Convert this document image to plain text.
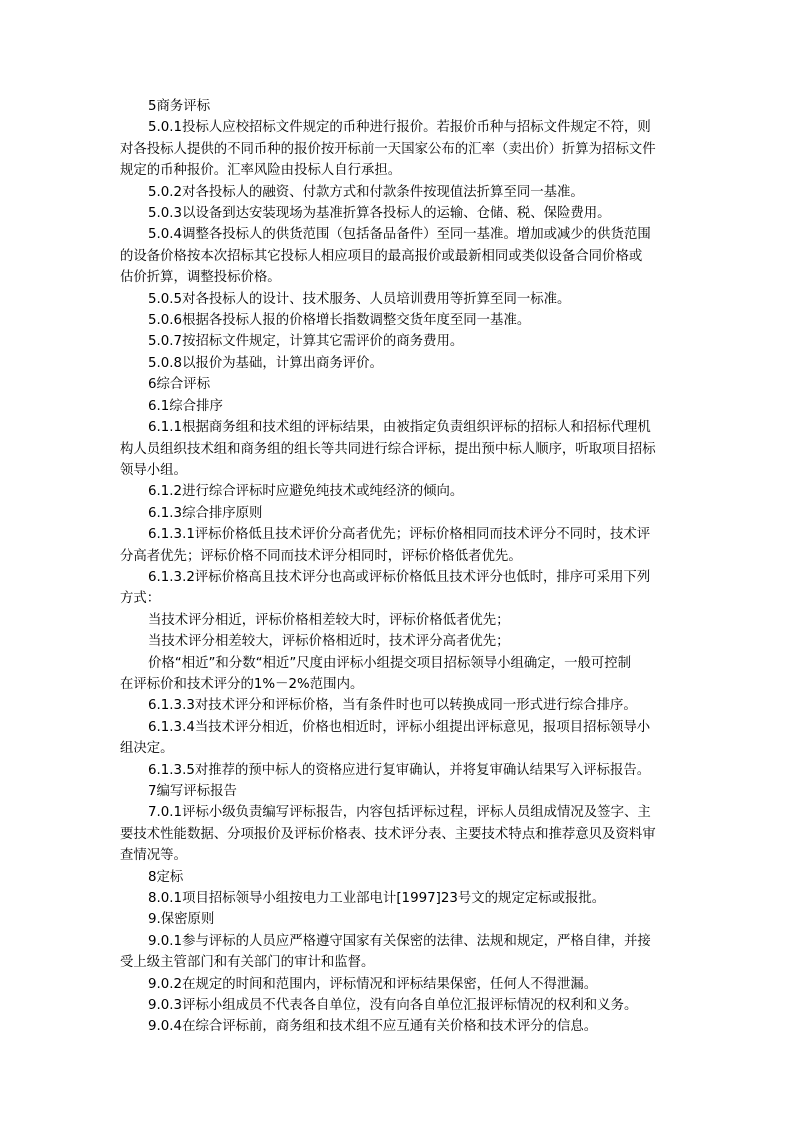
5商务评标

5.0.1投标人应校招标文件规定的币种进行报价。若报价币种与招标文件规定不符，则

对各投标人提供的不同币种的报价按开标前一天国家公布的汇率（卖出价）折算为招标文件

规定的币种报价。汇率风险由投标人自行承担。

5.0.2对各投标人的融资、付款方式和付款条件按现值法折算至同一基准。

5.0.3以设备到达安装现场为基准折算各投标人的运输、仓储、税、保险费用。

5.0.4调整各投标人的供货范围（包括备品备件）至同一基准。增加或减少的供货范围

的设备价格按本次招标其它投标人相应项目的最高报价或最新相同或类似设备合同价格或

估价折算，调整投标价格。

5.0.5对各投标人的设计、技术服务、人员培训费用等折算至同一标准。

5.0.6根据各投标人报的价格增长指数调整交货年度至同一基准。

5.0.7按招标文件规定，计算其它需评价的商务费用。

5.0.8以报价为基础，计算出商务评价。

6综合评标

6.1综合排序

6.1.1根据商务组和技术组的评标结果，由被指定负责组织评标的招标人和招标代理机

构人员组织技术组和商务组的组长等共同进行综合评标，提出预中标人顺序，听取项目招标

领导小组。

6.1.2进行综合评标时应避免纯技术或纯经济的倾向。

6.1.3综合排序原则

6.1.3.1评标价格低且技术评价分高者优先；评标价格相同而技术评分不同时，技术评

分高者优先；评标价格不同而技术评分相同时，评标价格低者优先。

6.1.3.2评标价格高且技术评分也高或评标价格低且技术评分也低时，排序可采用下列

方式：

当技术评分相近，评标价格相差较大时，评标价格低者优先；

当技术评分相差较大，评标价格相近时，技术评分高者优先；

价格“相近”和分数“相近”尺度由评标小组提交项目招标领导小组确定，一般可控制

在评标价和技术评分的1%－2%范围内。

6.1.3.3对技术评分和评标价格，当有条件时也可以转换成同一形式进行综合排序。

6.1.3.4当技术评分相近，价格也相近时，评标小组提出评标意见，报项目招标领导小

组决定。

6.1.3.5对推荐的预中标人的资格应进行复审确认，并将复审确认结果写入评标报告。

7编写评标报告

7.0.1评标小级负责编写评标报告，内容包括评标过程，评标人员组成情况及签字、主

要技术性能数据、分项报价及评标价格表、技术评分表、主要技术特点和推荐意贝及资料审

查情况等。

8定标

8.0.1项目招标领导小组按电力工业部电计[1997]23号文的规定定标或报批。

9.保密原则

9.0.1参与评标的人员应严格遵守国家有关保密的法律、法规和规定，严格自律，并接

受上级主管部门和有关部门的审计和监督。

9.0.2在规定的时间和范围内，评标情况和评标结果保密，任何人不得泄漏。

9.0.3评标小组成员不代表各自单位，没有向各自单位汇报评标情况的权利和义务。

9.0.4在综合评标前，商务组和技术组不应互通有关价格和技术评分的信息。
